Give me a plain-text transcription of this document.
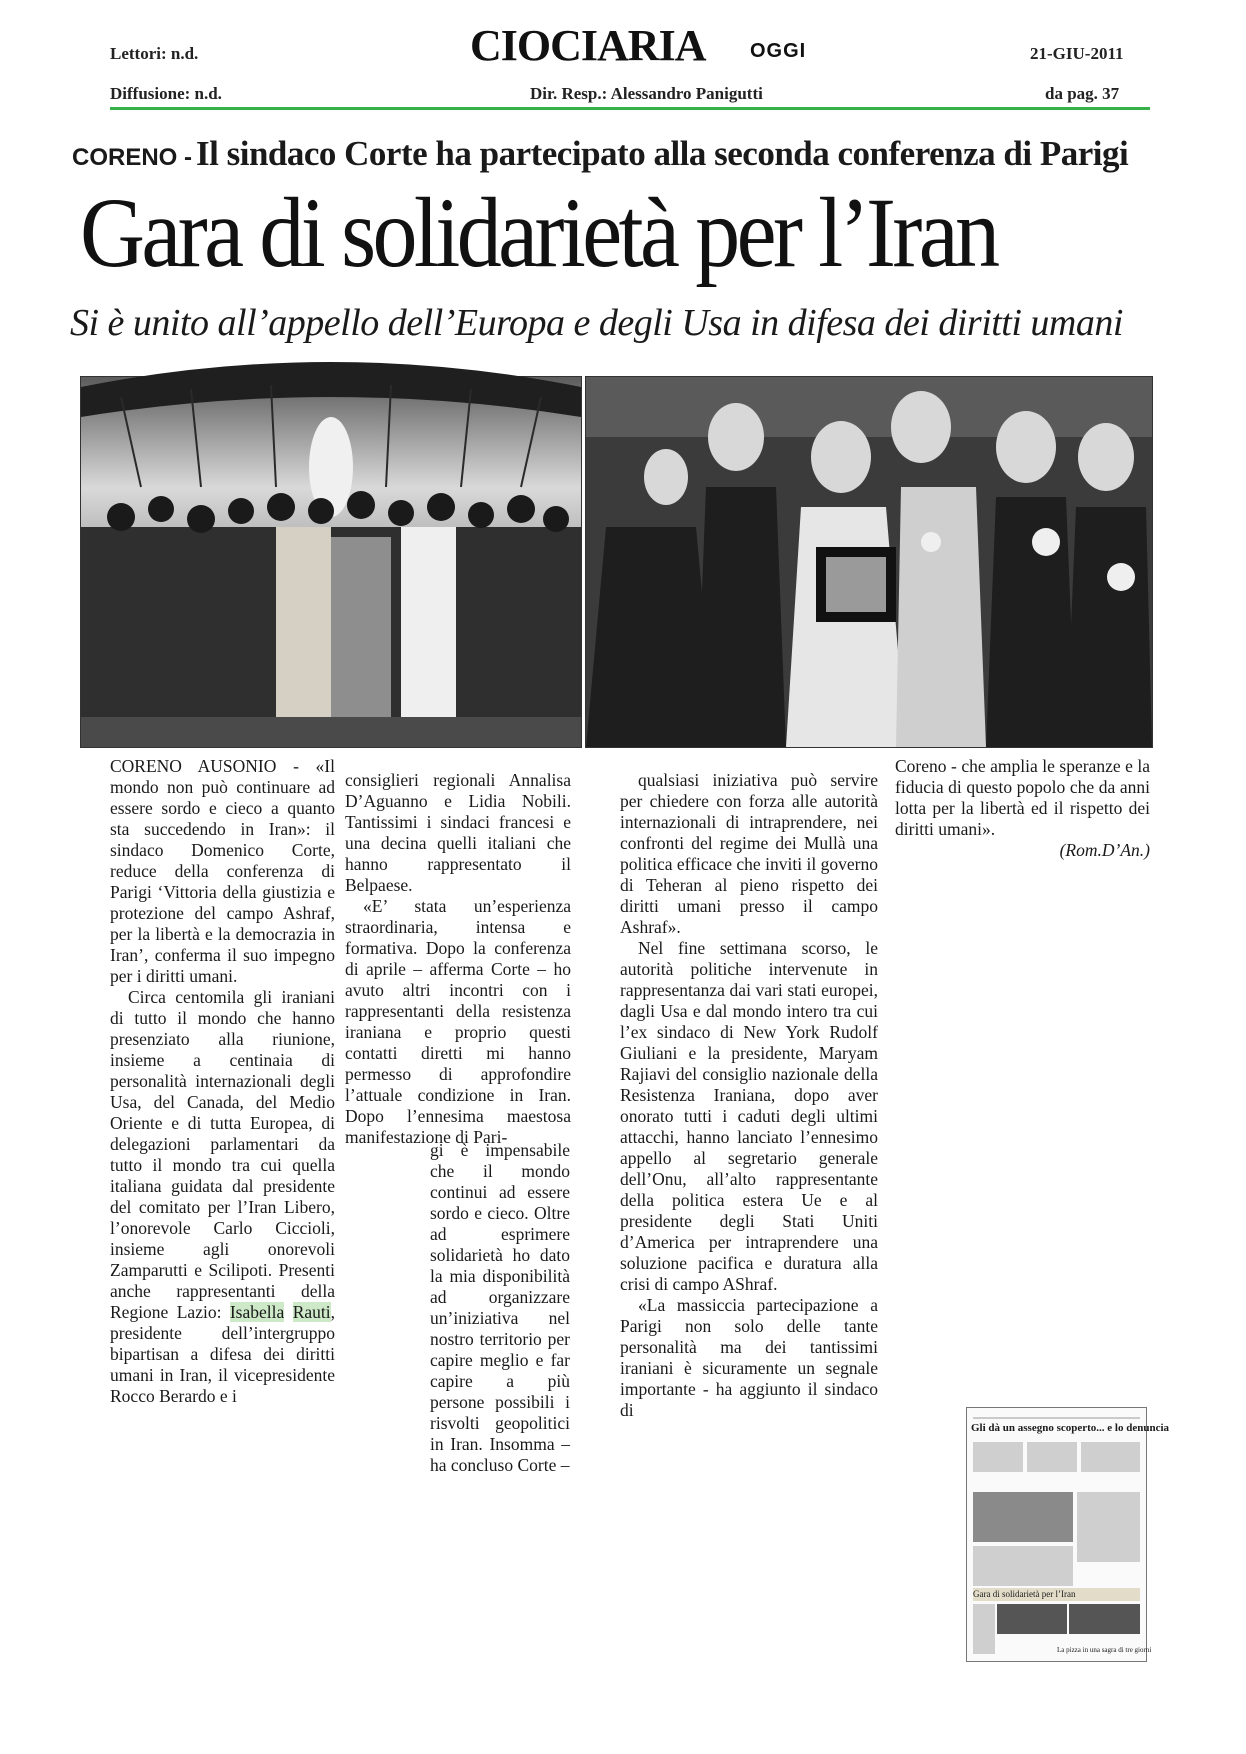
Lettori: n.d.
Diffusione: n.d.
CIOCIARIA OGGI
Dir. Resp.: Alessandro Panigutti
21-GIU-2011
da pag. 37
CORENO - Il sindaco Corte ha partecipato alla seconda conferenza di Parigi
Gara di solidarietà per l’Iran
Si è unito all’appello dell’Europa e degli Usa in difesa dei diritti umani

CORENO AUSONIO - «Il mondo non può continuare ad essere sordo e cieco a quanto sta succedendo in Iran»: il sindaco Domenico Corte, reduce della conferenza di Parigi ‘Vittoria della giustizia e protezione del campo Ashraf, per la libertà e la democrazia in Iran’, conferma il suo impegno per i diritti umani.

Circa centomila gli iraniani di tutto il mondo che hanno presenziato alla riunione, insieme a centinaia di personalità internazionali degli Usa, del Canada, del Medio Oriente e di tutta Europea, di delegazioni parlamentari da tutto il mondo tra cui quella italiana guidata dal presidente del comitato per l’Iran Libero, l’onorevole Carlo Ciccioli, insieme agli onorevoli Zamparutti e Scilipoti. Presenti anche rappresentanti della Regione Lazio: Isabella Rauti, presidente dell’intergruppo bipartisan a difesa dei diritti umani in Iran, il vicepresidente Rocco Berardo e i

consiglieri regionali Annalisa D’Aguanno e Lidia Nobili. Tantissimi i sindaci francesi e una decina quelli italiani che hanno rappresentato il Belpaese.

«E’ stata un’esperienza straordinaria, intensa e formativa. Dopo la conferenza di aprile – afferma Corte – ho avuto altri incontri con i rappresentanti della resistenza iraniana e proprio questi contatti diretti mi hanno permesso di approfondire l’attuale condizione in Iran. Dopo l’ennesima maestosa manifestazione di Pari-

gi è impensabile che il mondo continui ad essere sordo e cieco. Oltre ad esprimere solidarietà ho dato la mia disponibilità ad organizzare un’iniziativa nel nostro territorio per capire meglio e far capire a più persone possibili i risvolti geopolitici in Iran. Insomma – ha concluso Corte –

qualsiasi iniziativa può servire per chiedere con forza alle autorità internazionali di intraprendere, nei confronti del regime dei Mullà una politica efficace che inviti il governo di Teheran al pieno rispetto dei diritti umani presso il campo Ashraf».

Nel fine settimana scorso, le autorità politiche intervenute in rappresentanza dai vari stati europei, dagli Usa e dal mondo intero tra cui l’ex sindaco di New York Rudolf Giuliani e la presidente, Maryam Rajiavi del consiglio nazionale della Resistenza Iraniana, dopo aver onorato tutti i caduti degli ultimi attacchi, hanno lanciato l’ennesimo appello al segretario generale dell’Onu, all’alto rappresentante della politica estera Ue e al presidente degli Stati Uniti d’America per intraprendere una soluzione pacifica e duratura alla crisi di campo AShraf.

«La massiccia partecipazione a Parigi non solo delle tante personalità ma dei tantissimi iraniani è sicuramente un segnale importante - ha aggiunto il sindaco di

Coreno - che amplia le speranze e la fiducia di questo popolo che da anni lotta per la libertà ed il rispetto dei diritti umani».

(Rom.D’An.)

Gli dà un assegno scoperto... e lo denuncia
Gara di solidarietà per l’Iran
La pizza in una sagra di tre giorni
